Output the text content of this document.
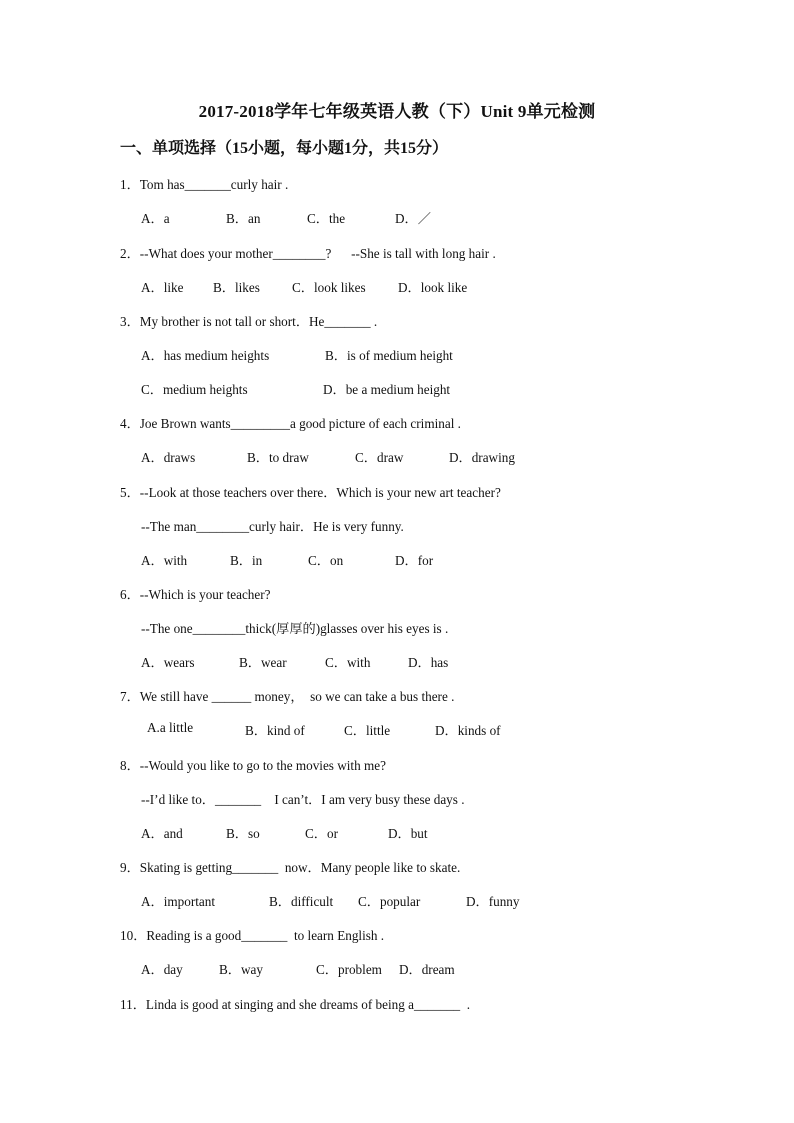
2017-2018学年七年级英语人教（下）Unit 9单元检测
一、单项选择（15小题，每小题1分，共15分）
1．Tom has_______curly hair .
A．a	B．an	C．the	D．／
2．--What does your mother________?      --She is tall with long hair .
A．like B．likes C．look likes D．look like
3．My brother is not tall or short．He_______ .
A．has medium heights	B．is of medium height
C．medium heights	D．be a medium height
4．Joe Brown wants_________a good picture of each criminal .
A．draws	B．to draw	C．draw	D．drawing
5．--Look at those teachers over there．Which is your new art teacher?
--The man________curly hair．He is very funny.
A．with	B．in	C．on	D．for
6．--Which is your teacher?
--The one________thick(厚厚的)glasses over his eyes is .
A．wears	B．wear	C．with	D．has
7．We still have ______ money，  so we can take a bus there .
A.a little	B．kind of	C．little	D．kinds of
8．--Would you like to go to the movies with me?
--I’d like to．_______    I can’t．I am very busy these days .
A．and	B．so	C．or	D．but
9．Skating is getting_______  now．Many people like to skate.
A．important	B．difficult C．popular	D．funny
10．Reading is a good_______  to learn English .
A．day	B．way	C．problem D．dream
11．Linda is good at singing and she dreams of being a_______  .
